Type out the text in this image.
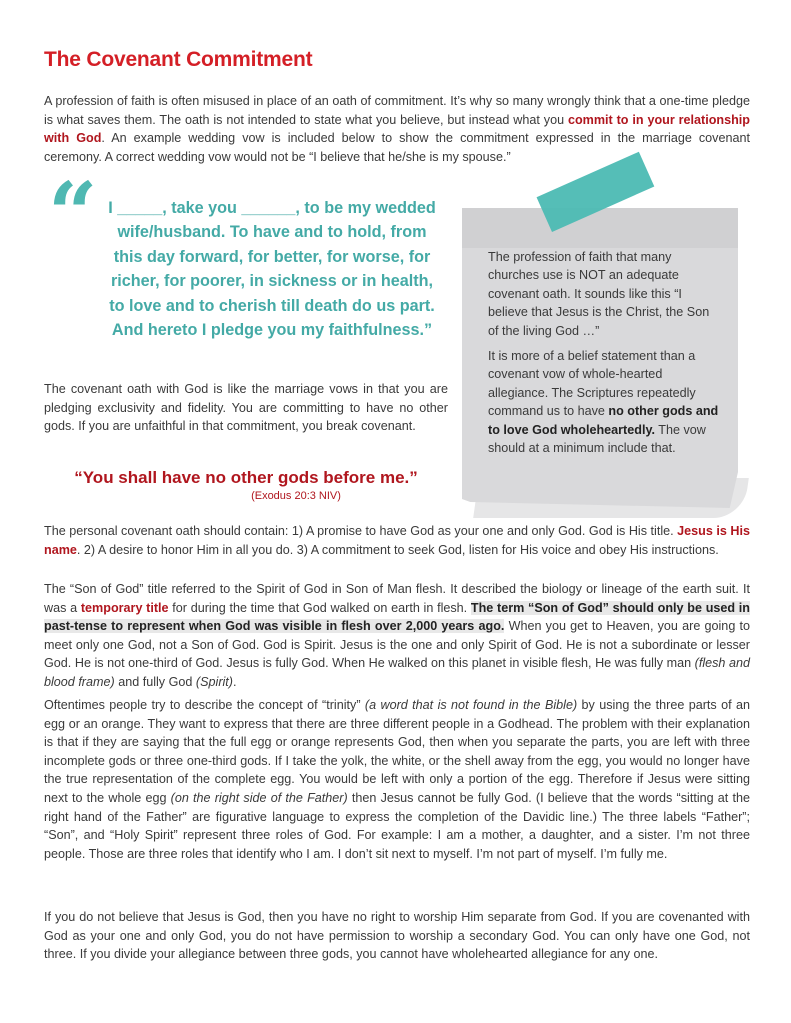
The Covenant Commitment

A profession of faith is often misused in place of an oath of commitment. It’s why so many wrongly think that a one-time pledge is what saves them. The oath is not intended to state what you believe, but instead what you commit to in your relationship with God. An example wedding vow is included below to show the commitment expressed in the marriage covenant ceremony. A correct wedding vow would not be “I believe that he/she is my spouse.”

“ I _____, take you ______, to be my wedded wife/husband. To have and to hold, from this day forward, for better, for worse, for richer, for poorer, in sickness or in health, to love and to cherish till death do us part. And hereto I pledge you my faithfulness.”

The covenant oath with God is like the marriage vows in that you are pledging exclusivity and fidelity. You are committing to have no other gods. If you are unfaithful in that commitment, you break covenant.

“You shall have no other gods before me.”
(Exodus 20:3 NIV)

The profession of faith that many churches use is NOT an adequate covenant oath. It sounds like this “I believe that Jesus is the Christ, the Son of the living God …”

It is more of a belief statement than a covenant vow of whole-hearted allegiance. The Scriptures repeatedly command us to have no other gods and to love God wholeheartedly. The vow should at a minimum include that.

The personal covenant oath should contain: 1) A promise to have God as your one and only God. God is His title. Jesus is His name. 2) A desire to honor Him in all you do. 3) A commitment to seek God, listen for His voice and obey His instructions.

The “Son of God” title referred to the Spirit of God in Son of Man flesh. It described the biology or lineage of the earth suit. It was a temporary title for during the time that God walked on earth in flesh. The term “Son of God” should only be used in past-tense to represent when God was visible in flesh over 2,000 years ago. When you get to Heaven, you are going to meet only one God, not a Son of God. God is Spirit. Jesus is the one and only Spirit of God. He is not a subordinate or lesser God. He is not one-third of God. Jesus is fully God. When He walked on this planet in visible flesh, He was fully man (flesh and blood frame) and fully God (Spirit).

Oftentimes people try to describe the concept of “trinity” (a word that is not found in the Bible) by using the three parts of an egg or an orange. They want to express that there are three different people in a Godhead. The problem with their explanation is that if they are saying that the full egg or orange represents God, then when you separate the parts, you are left with three incomplete gods or three one-third gods. If I take the yolk, the white, or the shell away from the egg, you would no longer have the true representation of the complete egg. You would be left with only a portion of the egg. Therefore if Jesus were sitting next to the whole egg (on the right side of the Father) then Jesus cannot be fully God. (I believe that the words “sitting at the right hand of the Father” are figurative language to express the completion of the Davidic line.) The three labels “Father”; “Son”, and “Holy Spirit” represent three roles of God. For example: I am a mother, a daughter, and a sister. I’m not three people. Those are three roles that identify who I am. I don’t sit next to myself. I’m not part of myself. I’m fully me.

If you do not believe that Jesus is God, then you have no right to worship Him separate from God. If you are covenanted with God as your one and only God, you do not have permission to worship a secondary God. You can only have one God, not three. If you divide your allegiance between three gods, you cannot have wholehearted allegiance for any one.
